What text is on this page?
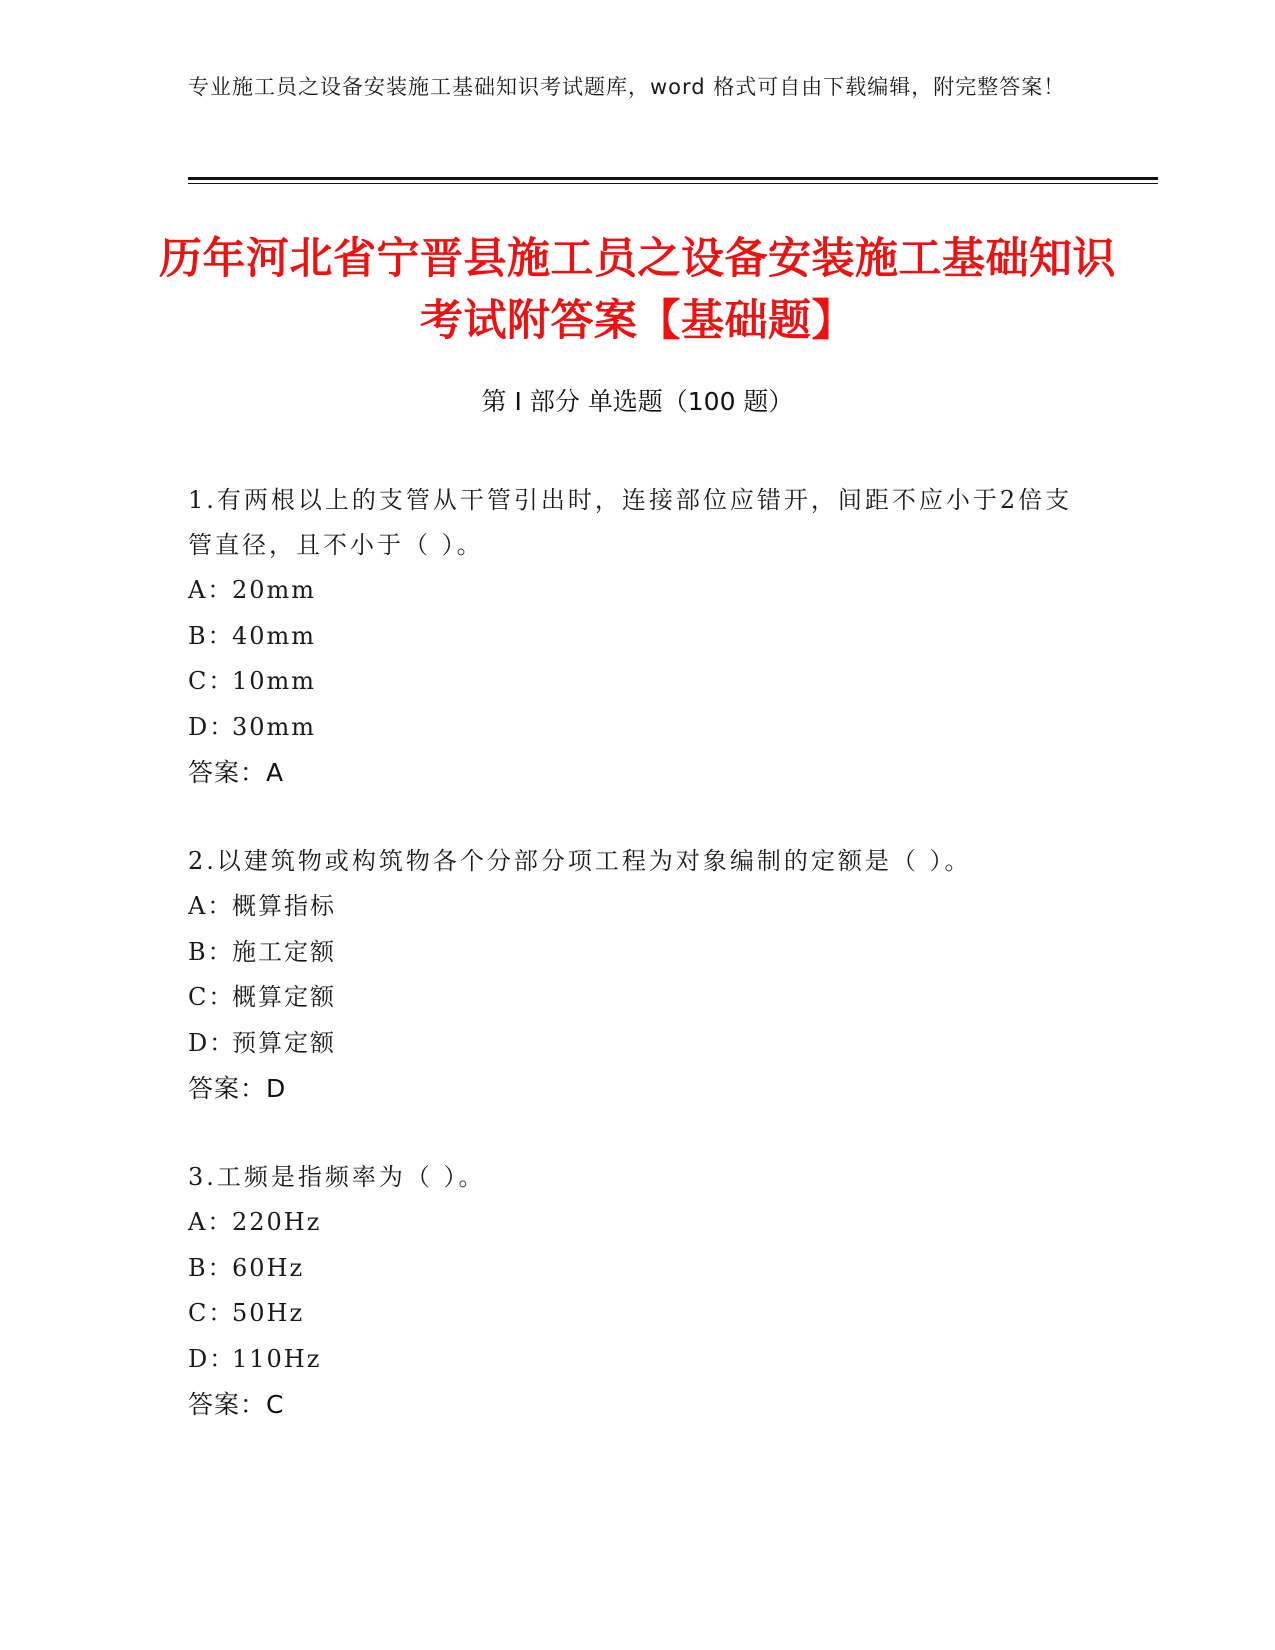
专业施工员之设备安装施工基础知识考试题库，word 格式可自由下载编辑，附完整答案！
历年河北省宁晋县施工员之设备安装施工基础知识考试附答案【基础题】
第 I 部分 单选题（100 题）

1.有两根以上的支管从干管引出时，连接部位应错开，间距不应小于2倍支管直径，且不小于（ ）。

A：
20mm
B：
40mm
C：
10mm
D：
30mm
答案：A

2.以建筑物或构筑物各个分部分项工程为对象编制的定额是（ ）。

A：
概算指标
B：
施工定额
C：
概算定额
D：
预算定额
答案：D

3.工频是指频率为（ ）。

A：
220Hz
B：
60Hz
C：
50Hz
D：
110Hz
答案：C
